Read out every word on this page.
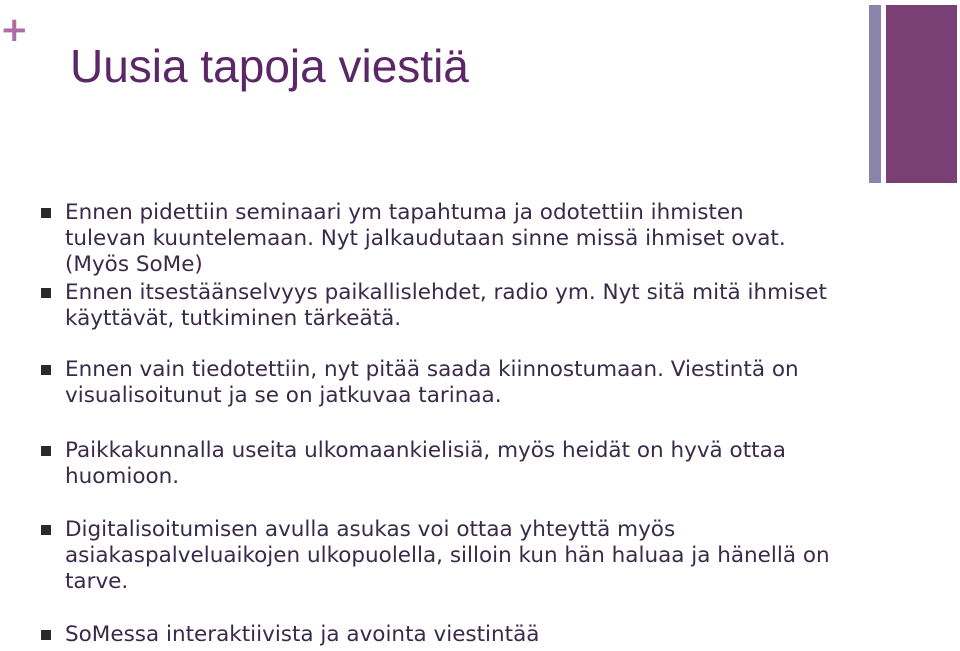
+
Uusia tapoja viestiä
Ennen pidettiin seminaari ym tapahtuma ja odotettiin ihmisten tulevan kuuntelemaan. Nyt jalkaudutaan sinne missä ihmiset ovat. (Myös SoMe)
Ennen itsestäänselvyys paikallislehdet, radio ym. Nyt sitä mitä ihmiset käyttävät, tutkiminen tärkeätä.
Ennen vain tiedotettiin, nyt pitää saada kiinnostumaan. Viestintä on visualisoitunut ja se on jatkuvaa tarinaa.
Paikkakunnalla useita ulkomaankielisiä, myös heidät on hyvä ottaa huomioon.
Digitalisoitumisen avulla asukas voi ottaa yhteyttä myös asiakaspalveluaikojen ulkopuolella, silloin kun hän haluaa ja hänellä on tarve.
SoMessa interaktiivista ja avointa viestintää
